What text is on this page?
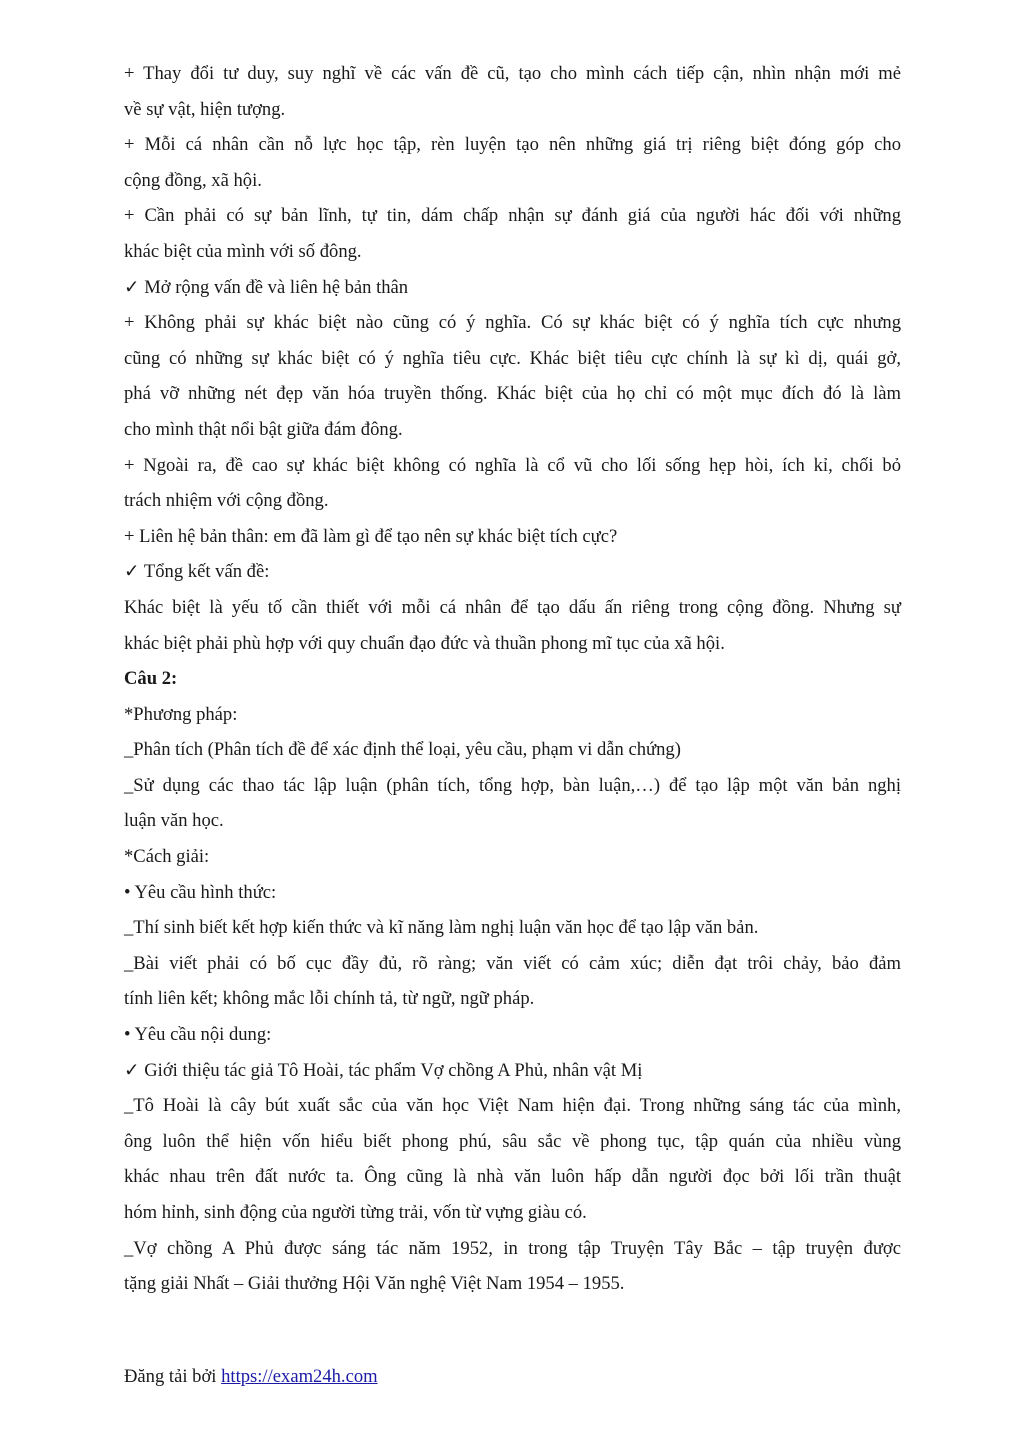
+ Thay đổi tư duy, suy nghĩ về các vấn đề cũ, tạo cho mình cách tiếp cận, nhìn nhận mới mẻ
về sự vật, hiện tượng.
+ Mỗi cá nhân cần nỗ lực học tập, rèn luyện tạo nên những giá trị riêng biệt đóng góp cho
cộng đồng, xã hội.
+ Cần phải có sự bản lĩnh, tự tin, dám chấp nhận sự đánh giá của người hác đối với những
khác biệt của mình với số đông.
✓ Mở rộng vấn đề và liên hệ bản thân
+ Không phải sự khác biệt nào cũng có ý nghĩa. Có sự khác biệt có ý nghĩa tích cực nhưng
cũng có những sự khác biệt có ý nghĩa tiêu cực. Khác biệt tiêu cực chính là sự kì dị, quái gở,
phá vỡ những nét đẹp văn hóa truyền thống. Khác biệt của họ chỉ có một mục đích đó là làm
cho mình thật nổi bật giữa đám đông.
+ Ngoài ra, đề cao sự khác biệt không có nghĩa là cổ vũ cho lối sống hẹp hòi, ích kỉ, chối bỏ
trách nhiệm với cộng đồng.
+ Liên hệ bản thân: em đã làm gì để tạo nên sự khác biệt tích cực?
✓ Tổng kết vấn đề:
Khác biệt là yếu tố cần thiết với mỗi cá nhân để tạo dấu ấn riêng trong cộng đồng. Nhưng sự
khác biệt phải phù hợp với quy chuẩn đạo đức và thuần phong mĩ tục của xã hội.
Câu 2:
*Phương pháp:
_Phân tích (Phân tích đề để xác định thể loại, yêu cầu, phạm vi dẫn chứng)
_Sử dụng các thao tác lập luận (phân tích, tổng hợp, bàn luận,…) để tạo lập một văn bản nghị
luận văn học.
*Cách giải:
• Yêu cầu hình thức:
_Thí sinh biết kết hợp kiến thức và kĩ năng làm nghị luận văn học để tạo lập văn bản.
_Bài viết phải có bố cục đầy đủ, rõ ràng; văn viết có cảm xúc; diễn đạt trôi chảy, bảo đảm
tính liên kết; không mắc lỗi chính tả, từ ngữ, ngữ pháp.
• Yêu cầu nội dung:
✓ Giới thiệu tác giả Tô Hoài, tác phẩm Vợ chồng A Phủ, nhân vật Mị
_Tô Hoài là cây bút xuất sắc của văn học Việt Nam hiện đại. Trong những sáng tác của mình,
ông luôn thể hiện vốn hiểu biết phong phú, sâu sắc về phong tục, tập quán của nhiều vùng
khác nhau trên đất nước ta. Ông cũng là nhà văn luôn hấp dẫn người đọc bởi lối trần thuật
hóm hỉnh, sinh động của người từng trải, vốn từ vựng giàu có.
_Vợ chồng A Phủ được sáng tác năm 1952, in trong tập Truyện Tây Bắc – tập truyện được
tặng giải Nhất – Giải thưởng Hội Văn nghệ Việt Nam 1954 – 1955.
Đăng tải bởi https://exam24h.com
